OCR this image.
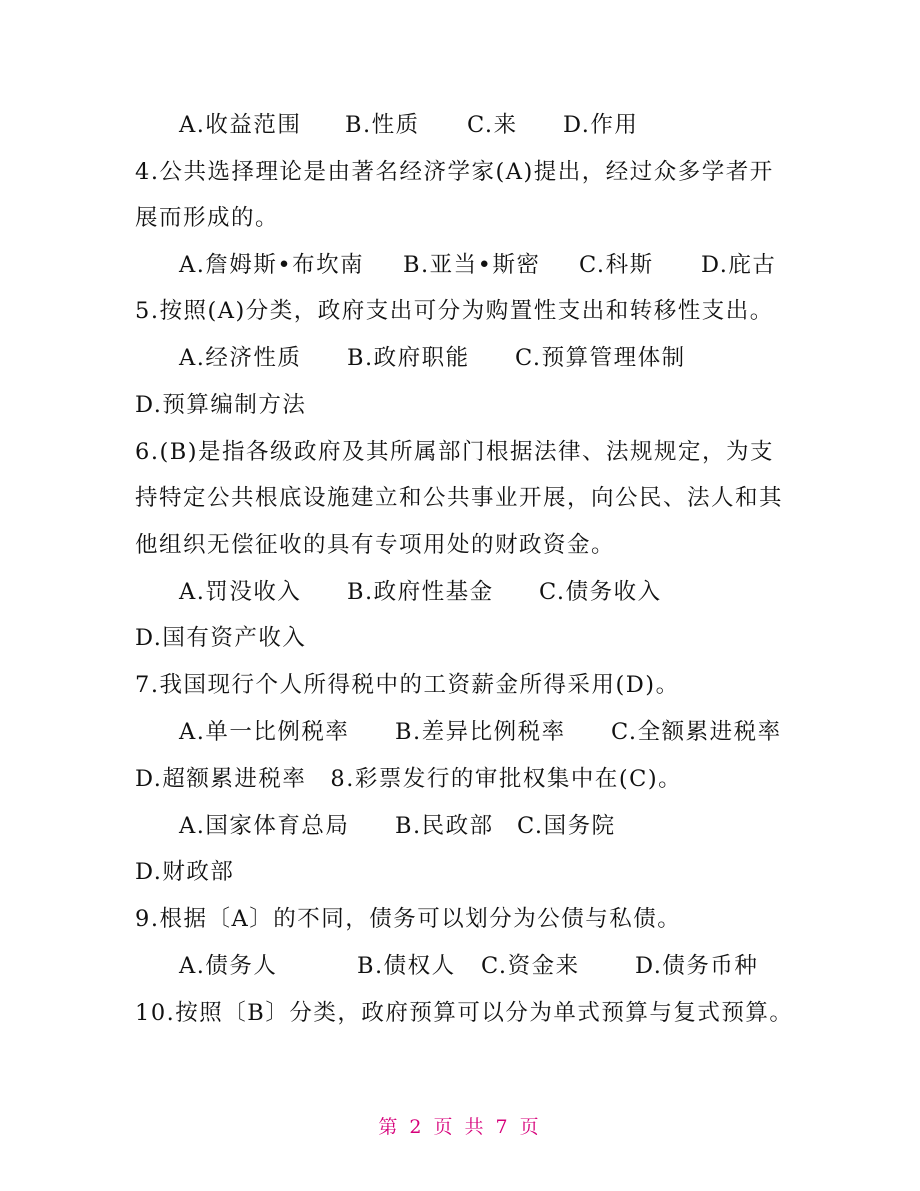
A.收益范围 B.性质 C.来 D.作用
4.公共选择理论是由著名经济学家(A)提出，经过众多学者开
展而形成的。
A.詹姆斯•布坎南 B.亚当•斯密 C.科斯 D.庇古
5.按照(A)分类，政府支出可分为购置性支出和转移性支出。
A.经济性质 B.政府职能 C.预算管理体制
D.预算编制方法
6.(B)是指各级政府及其所属部门根据法律、法规规定，为支
持特定公共根底设施建立和公共事业开展，向公民、法人和其
他组织无偿征收的具有专项用处的财政资金。
A.罚没收入 B.政府性基金 C.债务收入
D.国有资产收入
7.我国现行个人所得税中的工资薪金所得采用(D)。
A.单一比例税率 B.差异比例税率 C.全额累进税率
D.超额累进税率　8.彩票发行的审批权集中在(C)。
A.国家体育总局 B.民政部 C.国务院
D.财政部
9.根据〔A〕的不同，债务可以划分为公债与私债。
A.债务人	B.债权人 C.资金来 D.债务币种
10.按照〔B〕分类，政府预算可以分为单式预算与复式预算。
第 2 页 共 7 页
